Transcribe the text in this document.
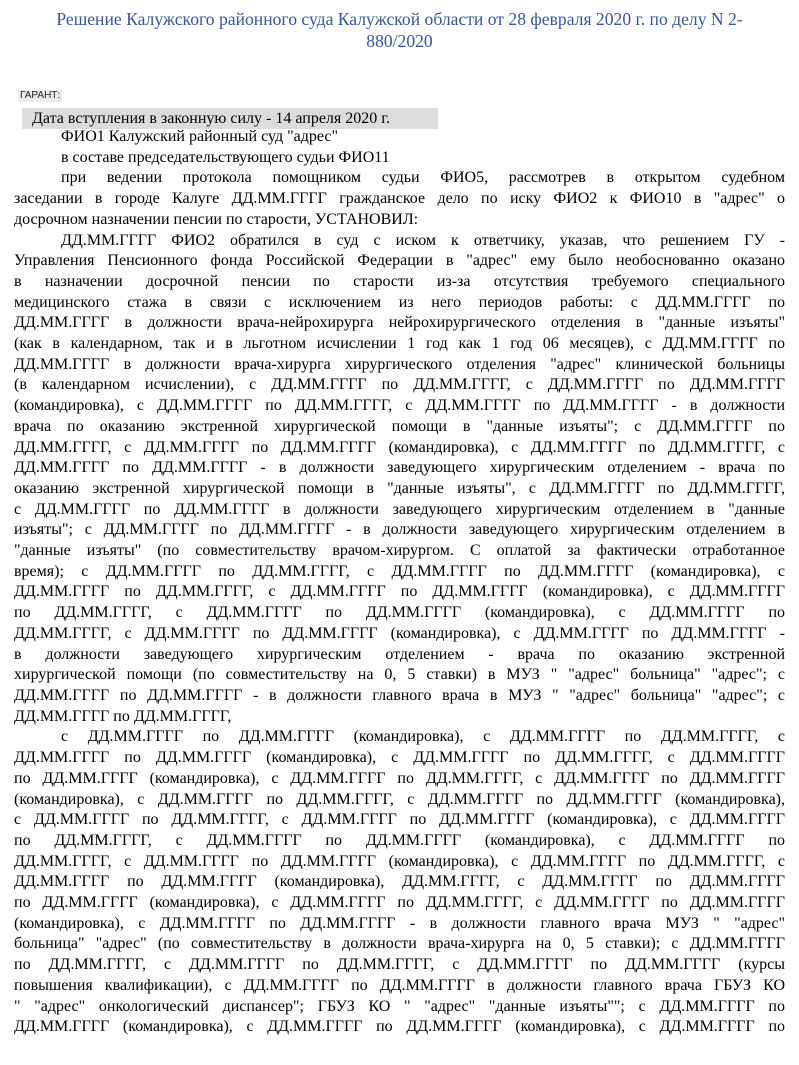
Решение Калужского районного суда Калужской области от 28 февраля 2020 г. по делу N 2-
880/2020
ГАРАНТ:
Дата вступления в законную силу - 14 апреля 2020 г.
ФИО1 Калужский районный суд "адрес"
в составе председательствующего судьи ФИО11
при ведении протокола помощником судьи ФИО5, рассмотрев в открытом судебном
заседании в городе Калуге ДД.ММ.ГГГГ гражданское дело по иску ФИО2 к ФИО10 в "адрес" о
досрочном назначении пенсии по старости, УСТАНОВИЛ:
ДД.ММ.ГГГГ ФИО2 обратился в суд с иском к ответчику, указав, что решением ГУ -
Управления Пенсионного фонда Российской Федерации в "адрес" ему было необоснованно оказано
в назначении досрочной пенсии по старости из-за отсутствия требуемого специального
медицинского стажа в связи с исключением из него периодов работы: с ДД.ММ.ГГГГ по
ДД.ММ.ГГГГ в должности врача-нейрохирурга нейрохирургического отделения в "данные изъяты"
(как в календарном, так и в льготном исчислении 1 год как 1 год 06 месяцев), с ДД.ММ.ГГГГ по
ДД.ММ.ГГГГ в должности врача-хирурга хирургического отделения "адрес" клинической больницы
(в календарном исчислении), с ДД.ММ.ГГГГ по ДД.ММ.ГГГГ, с ДД.ММ.ГГГГ по ДД.ММ.ГГГГ
(командировка), с ДД.ММ.ГГГГ по ДД.ММ.ГГГГ, с ДД.ММ.ГГГГ по ДД.ММ.ГГГГ - в должности
врача по оказанию экстренной хирургической помощи в "данные изъяты"; с ДД.ММ.ГГГГ по
ДД.ММ.ГГГГ, с ДД.ММ.ГГГГ по ДД.ММ.ГГГГ (командировка), с ДД.ММ.ГГГГ по ДД.ММ.ГГГГ, с
ДД.ММ.ГГГГ по ДД.ММ.ГГГГ - в должности заведующего хирургическим отделением - врача по
оказанию экстренной хирургической помощи в "данные изъяты", с ДД.ММ.ГГГГ по ДД.ММ.ГГГГ,
с ДД.ММ.ГГГГ по ДД.ММ.ГГГГ в должности заведующего хирургическим отделением в "данные
изъяты"; с ДД.ММ.ГГГГ по ДД.ММ.ГГГГ - в должности заведующего хирургическим отделением в
"данные изъяты" (по совместительству врачом-хирургом. С оплатой за фактически отработанное
время); с ДД.ММ.ГГГГ по ДД.ММ.ГГГГ, с ДД.ММ.ГГГГ по ДД.ММ.ГГГГ (командировка), с
ДД.ММ.ГГГГ по ДД.ММ.ГГГГ, с ДД.ММ.ГГГГ по ДД.ММ.ГГГГ (командировка), с ДД.ММ.ГГГГ
по ДД.ММ.ГГГГ, с ДД.ММ.ГГГГ по ДД.ММ.ГГГГ (командировка), с ДД.ММ.ГГГГ по
ДД.ММ.ГГГГ, с ДД.ММ.ГГГГ по ДД.ММ.ГГГГ (командировка), с ДД.ММ.ГГГГ по ДД.ММ.ГГГГ -
в должности заведующего хирургическим отделением - врача по оказанию экстренной
хирургической помощи (по совместительству на 0, 5 ставки) в МУЗ " "адрес" больница" "адрес"; с
ДД.ММ.ГГГГ по ДД.ММ.ГГГГ - в должности главного врача в МУЗ " "адрес" больница" "адрес"; с
ДД.ММ.ГГГГ по ДД.ММ.ГГГГ,
с ДД.ММ.ГГГГ по ДД.ММ.ГГГГ (командировка), с ДД.ММ.ГГГГ по ДД.ММ.ГГГГ, с
ДД.ММ.ГГГГ по ДД.ММ.ГГГГ (командировка), с ДД.ММ.ГГГГ по ДД.ММ.ГГГГ, с ДД.ММ.ГГГГ
по ДД.ММ.ГГГГ (командировка), с ДД.ММ.ГГГГ по ДД.ММ.ГГГГ, с ДД.ММ.ГГГГ по ДД.ММ.ГГГГ
(командировка), с ДД.ММ.ГГГГ по ДД.ММ.ГГГГ, с ДД.ММ.ГГГГ по ДД.ММ.ГГГГ (командировка),
с ДД.ММ.ГГГГ по ДД.ММ.ГГГГ, с ДД.ММ.ГГГГ по ДД.ММ.ГГГГ (командировка), с ДД.ММ.ГГГГ
по ДД.ММ.ГГГГ, с ДД.ММ.ГГГГ по ДД.ММ.ГГГГ (командировка), с ДД.ММ.ГГГГ по
ДД.ММ.ГГГГ, с ДД.ММ.ГГГГ по ДД.ММ.ГГГГ (командировка), с ДД.ММ.ГГГГ по ДД.ММ.ГГГГ, с
ДД.ММ.ГГГГ по ДД.ММ.ГГГГ (командировка), ДД.ММ.ГГГГ, с ДД.ММ.ГГГГ по ДД.ММ.ГГГГ
по ДД.ММ.ГГГГ (командировка), с ДД.ММ.ГГГГ по ДД.ММ.ГГГГ, с ДД.ММ.ГГГГ по ДД.ММ.ГГГГ
(командировка), с ДД.ММ.ГГГГ по ДД.ММ.ГГГГ - в должности главного врача МУЗ " "адрес"
больница" "адрес" (по совместительству в должности врача-хирурга на 0, 5 ставки); с ДД.ММ.ГГГГ
по ДД.ММ.ГГГГ, с ДД.ММ.ГГГГ по ДД.ММ.ГГГГ, с ДД.ММ.ГГГГ по ДД.ММ.ГГГГ (курсы
повышения квалификации), с ДД.ММ.ГГГГ по ДД.ММ.ГГГГ в должности главного врача ГБУЗ КО
" "адрес" онкологический диспансер"; ГБУЗ КО " "адрес" "данные изъяты""; с ДД.ММ.ГГГГ по
ДД.ММ.ГГГГ (командировка), с ДД.ММ.ГГГГ по ДД.ММ.ГГГГ (командировка), с ДД.ММ.ГГГГ по
